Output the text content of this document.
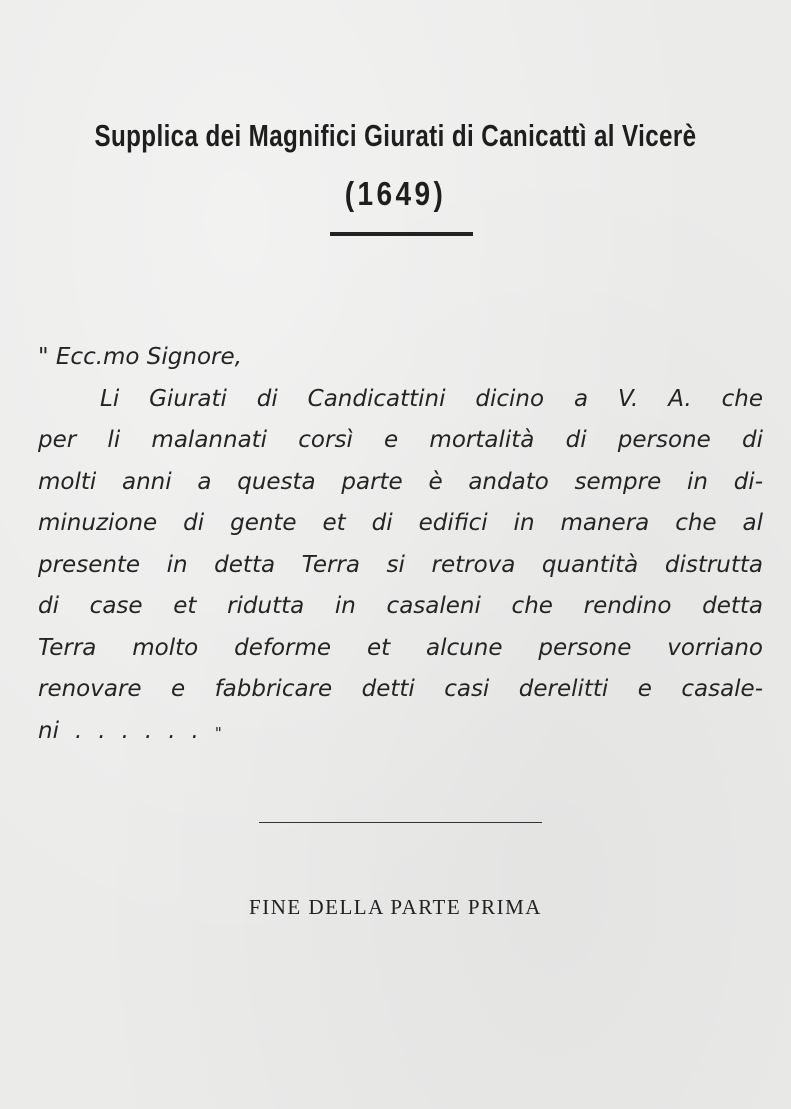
Supplica dei Magnifici Giurati di Canicattì al Vicerè
(1649)
" Ecc.mo Signore,
Li Giurati di Candicattini dicino a V. A. che
per li malannati corsì e mortalità di persone di
molti anni a questa parte è andato sempre in di-
minuzione di gente et di edifici in manera che al
presente in detta Terra si retrova quantità distrutta
di case et ridutta in casaleni che rendino detta
Terra molto deforme et alcune persone vorriano
renovare e fabbricare detti casi derelitti e casale-
ni ......"
FINE DELLA PARTE PRIMA
